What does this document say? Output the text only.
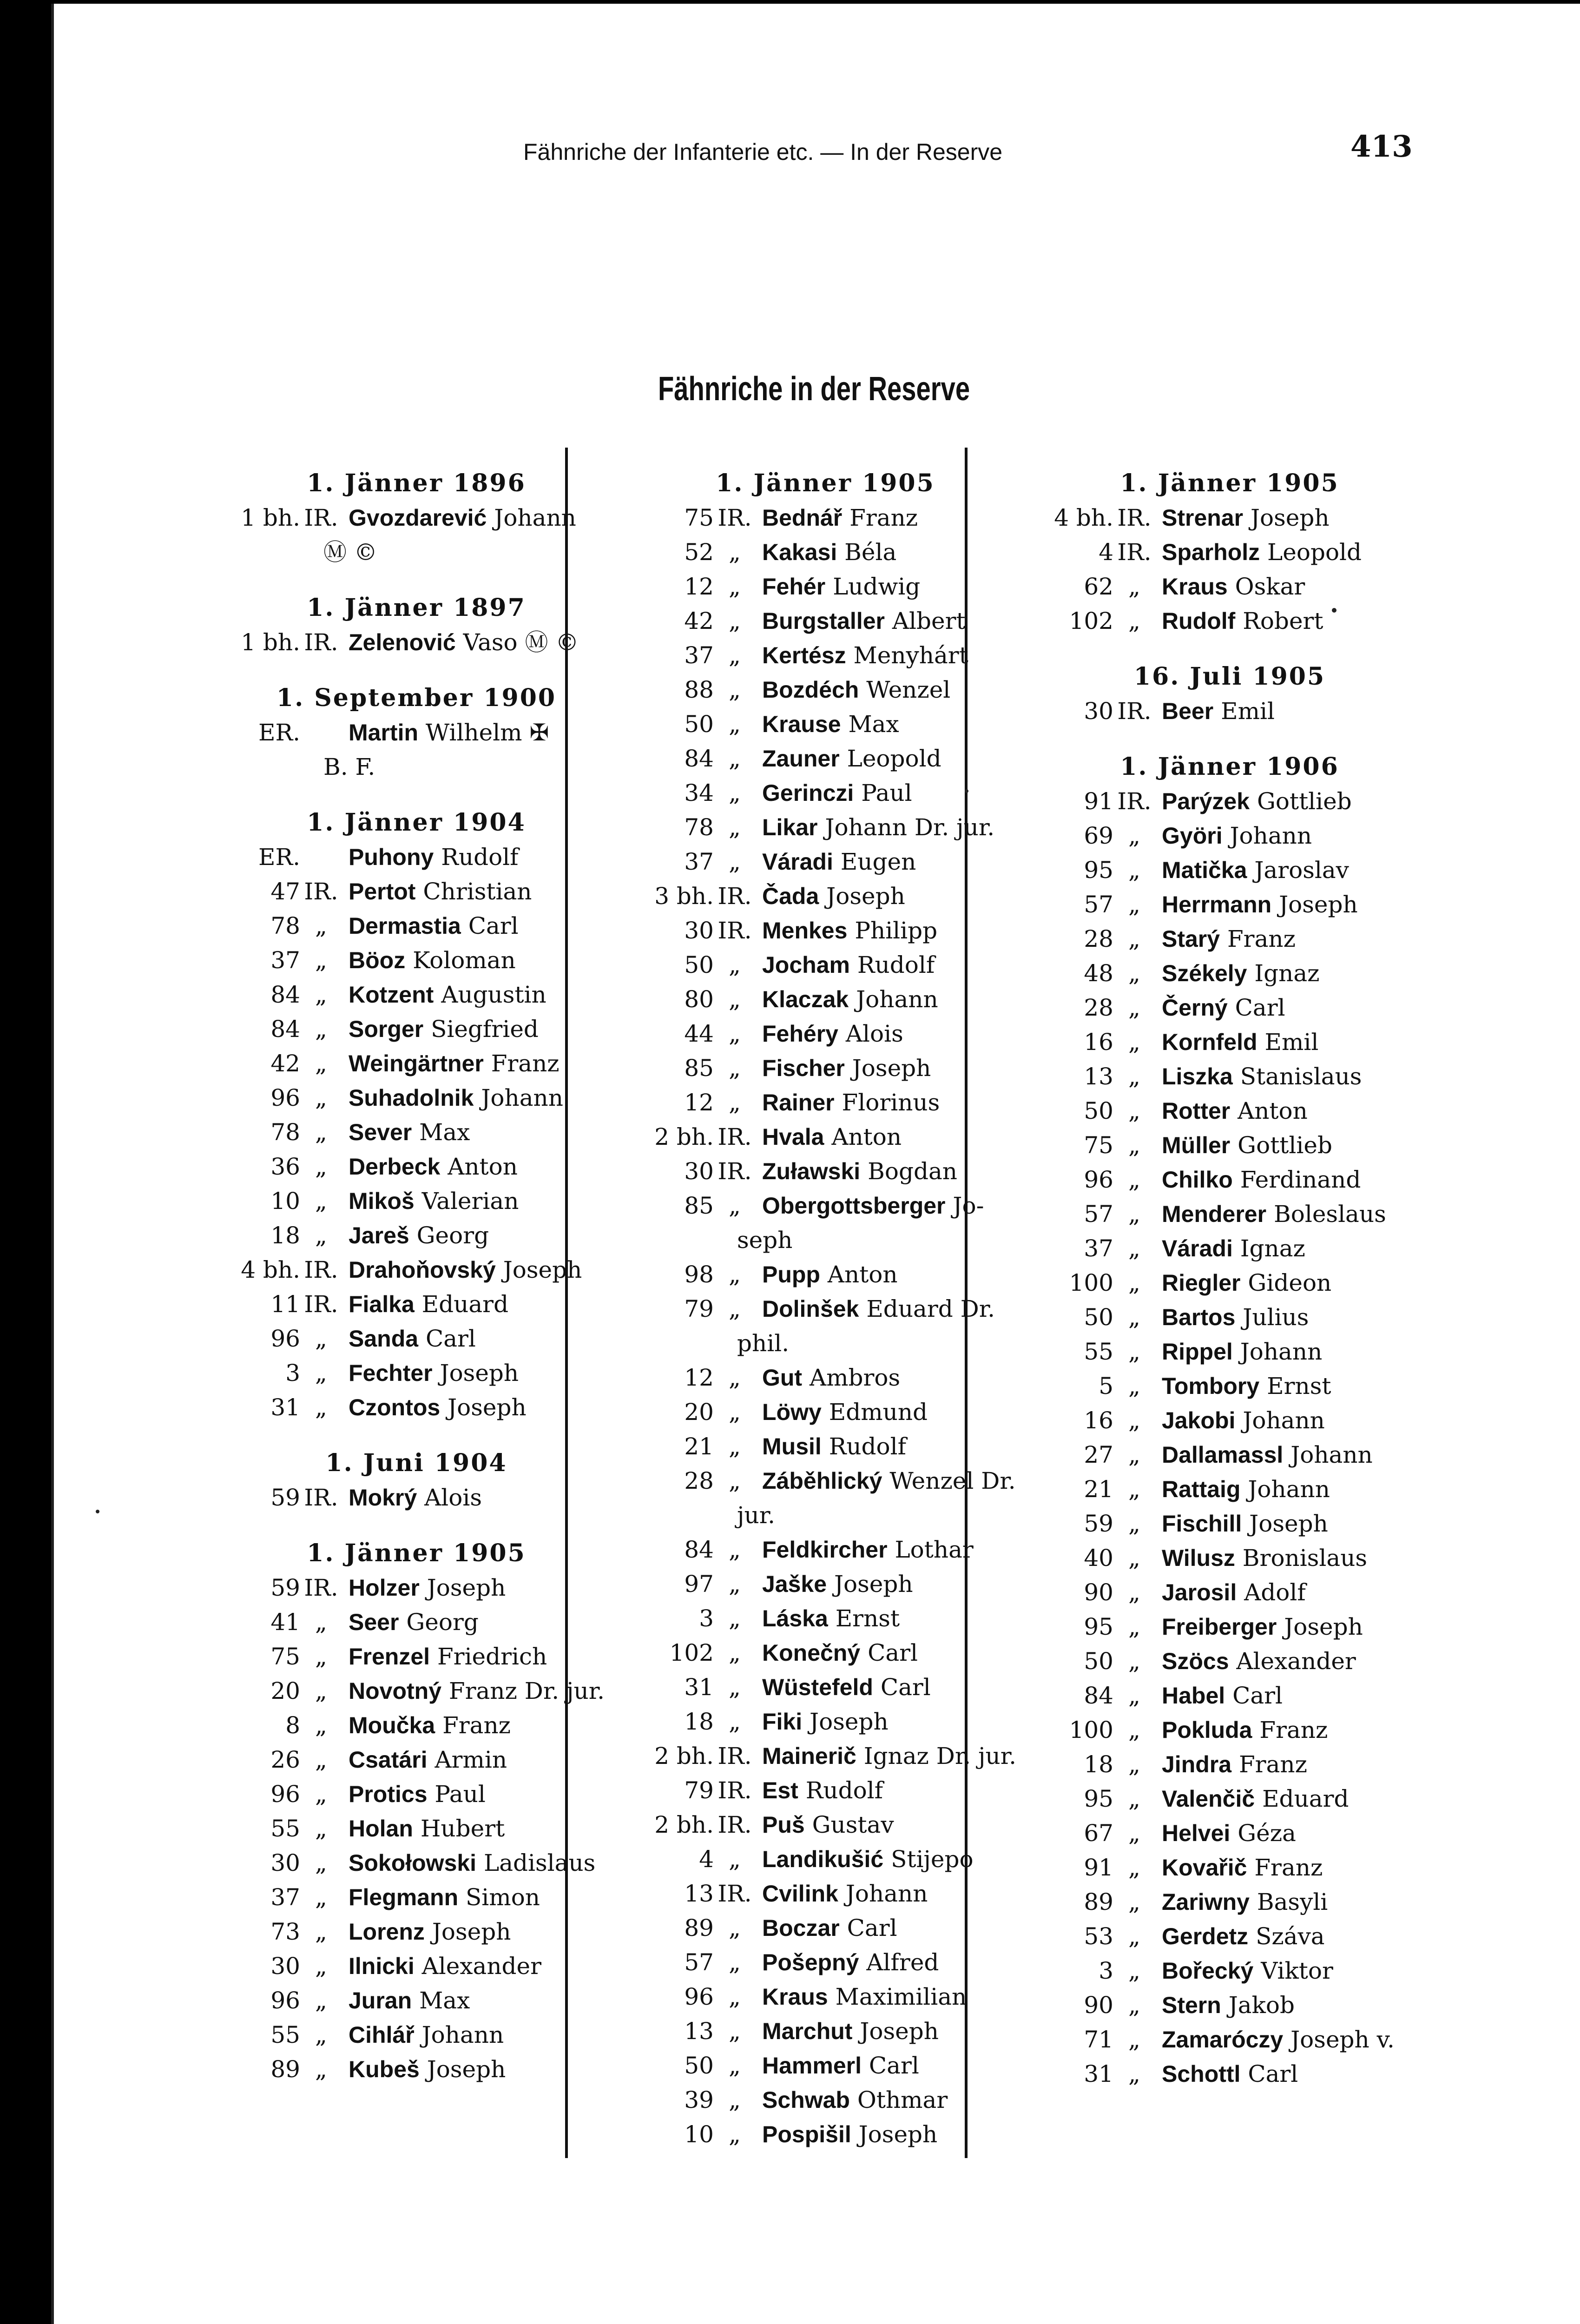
Fähnriche der Infanterie etc. — In der Reserve	413
Fähnriche in der Reserve
1. Jänner 1896
1 bh. IR. Gvozdarević Johann
Ⓜ ©
1. Jänner 1897
1 bh. IR. Zelenović Vaso Ⓜ ©
1. September 1900
ER. Martin Wilhelm ✠
B. F.
1. Jänner 1904
ER. Puhony Rudolf
47 IR. Pertot Christian
78 „ Dermastia Carl
37 „ Böoz Koloman
84 „ Kotzent Augustin
84 „ Sorger Siegfried
42 „ Weingärtner Franz
96 „ Suhadolnik Johann
78 „ Sever Max
36 „ Derbeck Anton
10 „ Mikoš Valerian
18 „ Jareš Georg
4 bh. IR. Drahoňovský Joseph
11 IR. Fialka Eduard
96 „ Sanda Carl
3 „ Fechter Joseph
31 „ Czontos Joseph
1. Juni 1904
59 IR. Mokrý Alois
1. Jänner 1905
59 IR. Holzer Joseph
41 „ Seer Georg
75 „ Frenzel Friedrich
20 „ Novotný Franz Dr. jur.
8 „ Moučka Franz
26 „ Csatári Armin
96 „ Protics Paul
55 „ Holan Hubert
30 „ Sokołowski Ladislaus
37 „ Flegmann Simon
73 „ Lorenz Joseph
30 „ Ilnicki Alexander
96 „ Juran Max
55 „ Cihlář Johann
89 „ Kubeš Joseph
1. Jänner 1905
75 IR. Bednář Franz
52 „ Kakasi Béla
12 „ Fehér Ludwig
42 „ Burgstaller Albert
37 „ Kertész Menyhárt
88 „ Bozdéch Wenzel
50 „ Krause Max
84 „ Zauner Leopold
34 „ Gerinczi Paul
78 „ Likar Johann Dr. jur.
37 „ Váradi Eugen
3 bh. IR. Čada Joseph
30 IR. Menkes Philipp
50 „ Jocham Rudolf
80 „ Klaczak Johann
44 „ Fehéry Alois
85 „ Fischer Joseph
12 „ Rainer Florinus
2 bh. IR. Hvala Anton
30 IR. Zuławski Bogdan
85 „ Obergottsberger Jo-
seph
98 „ Pupp Anton
79 „ Dolinšek Eduard Dr.
phil.
12 „ Gut Ambros
20 „ Löwy Edmund
21 „ Musil Rudolf
28 „ Záběhlický Wenzel Dr.
jur.
84 „ Feldkircher Lothar
97 „ Jaške Joseph
3 „ Láska Ernst
102 „ Konečný Carl
31 „ Wüstefeld Carl
18 „ Fiki Joseph
2 bh. IR. Mainerič Ignaz Dr. jur.
79 IR. Est Rudolf
2 bh. IR. Puš Gustav
4 „ Landikušić Stijepo
13 IR. Cvilink Johann
89 „ Boczar Carl
57 „ Pošepný Alfred
96 „ Kraus Maximilian
13 „ Marchut Joseph
50 „ Hammerl Carl
39 „ Schwab Othmar
10 „ Pospišil Joseph
1. Jänner 1905
4 bh. IR. Strenar Joseph
4 IR. Sparholz Leopold
62 „ Kraus Oskar
102 „ Rudolf Robert
16. Juli 1905
30 IR. Beer Emil
1. Jänner 1906
91 IR. Parýzek Gottlieb
69 „ Györi Johann
95 „ Matička Jaroslav
57 „ Herrmann Joseph
28 „ Starý Franz
48 „ Székely Ignaz
28 „ Černý Carl
16 „ Kornfeld Emil
13 „ Liszka Stanislaus
50 „ Rotter Anton
75 „ Müller Gottlieb
96 „ Chilko Ferdinand
57 „ Menderer Boleslaus
37 „ Váradi Ignaz
100 „ Riegler Gideon
50 „ Bartos Julius
55 „ Rippel Johann
5 „ Tombory Ernst
16 „ Jakobi Johann
27 „ Dallamassl Johann
21 „ Rattaig Johann
59 „ Fischill Joseph
40 „ Wilusz Bronislaus
90 „ Jarosil Adolf
95 „ Freiberger Joseph
50 „ Szöcs Alexander
84 „ Habel Carl
100 „ Pokluda Franz
18 „ Jindra Franz
95 „ Valenčič Eduard
67 „ Helvei Géza
91 „ Kovařič Franz
89 „ Zariwny Basyli
53 „ Gerdetz Száva
3 „ Bořecký Viktor
90 „ Stern Jakob
71 „ Zamaróczy Joseph v.
31 „ Schottl Carl
